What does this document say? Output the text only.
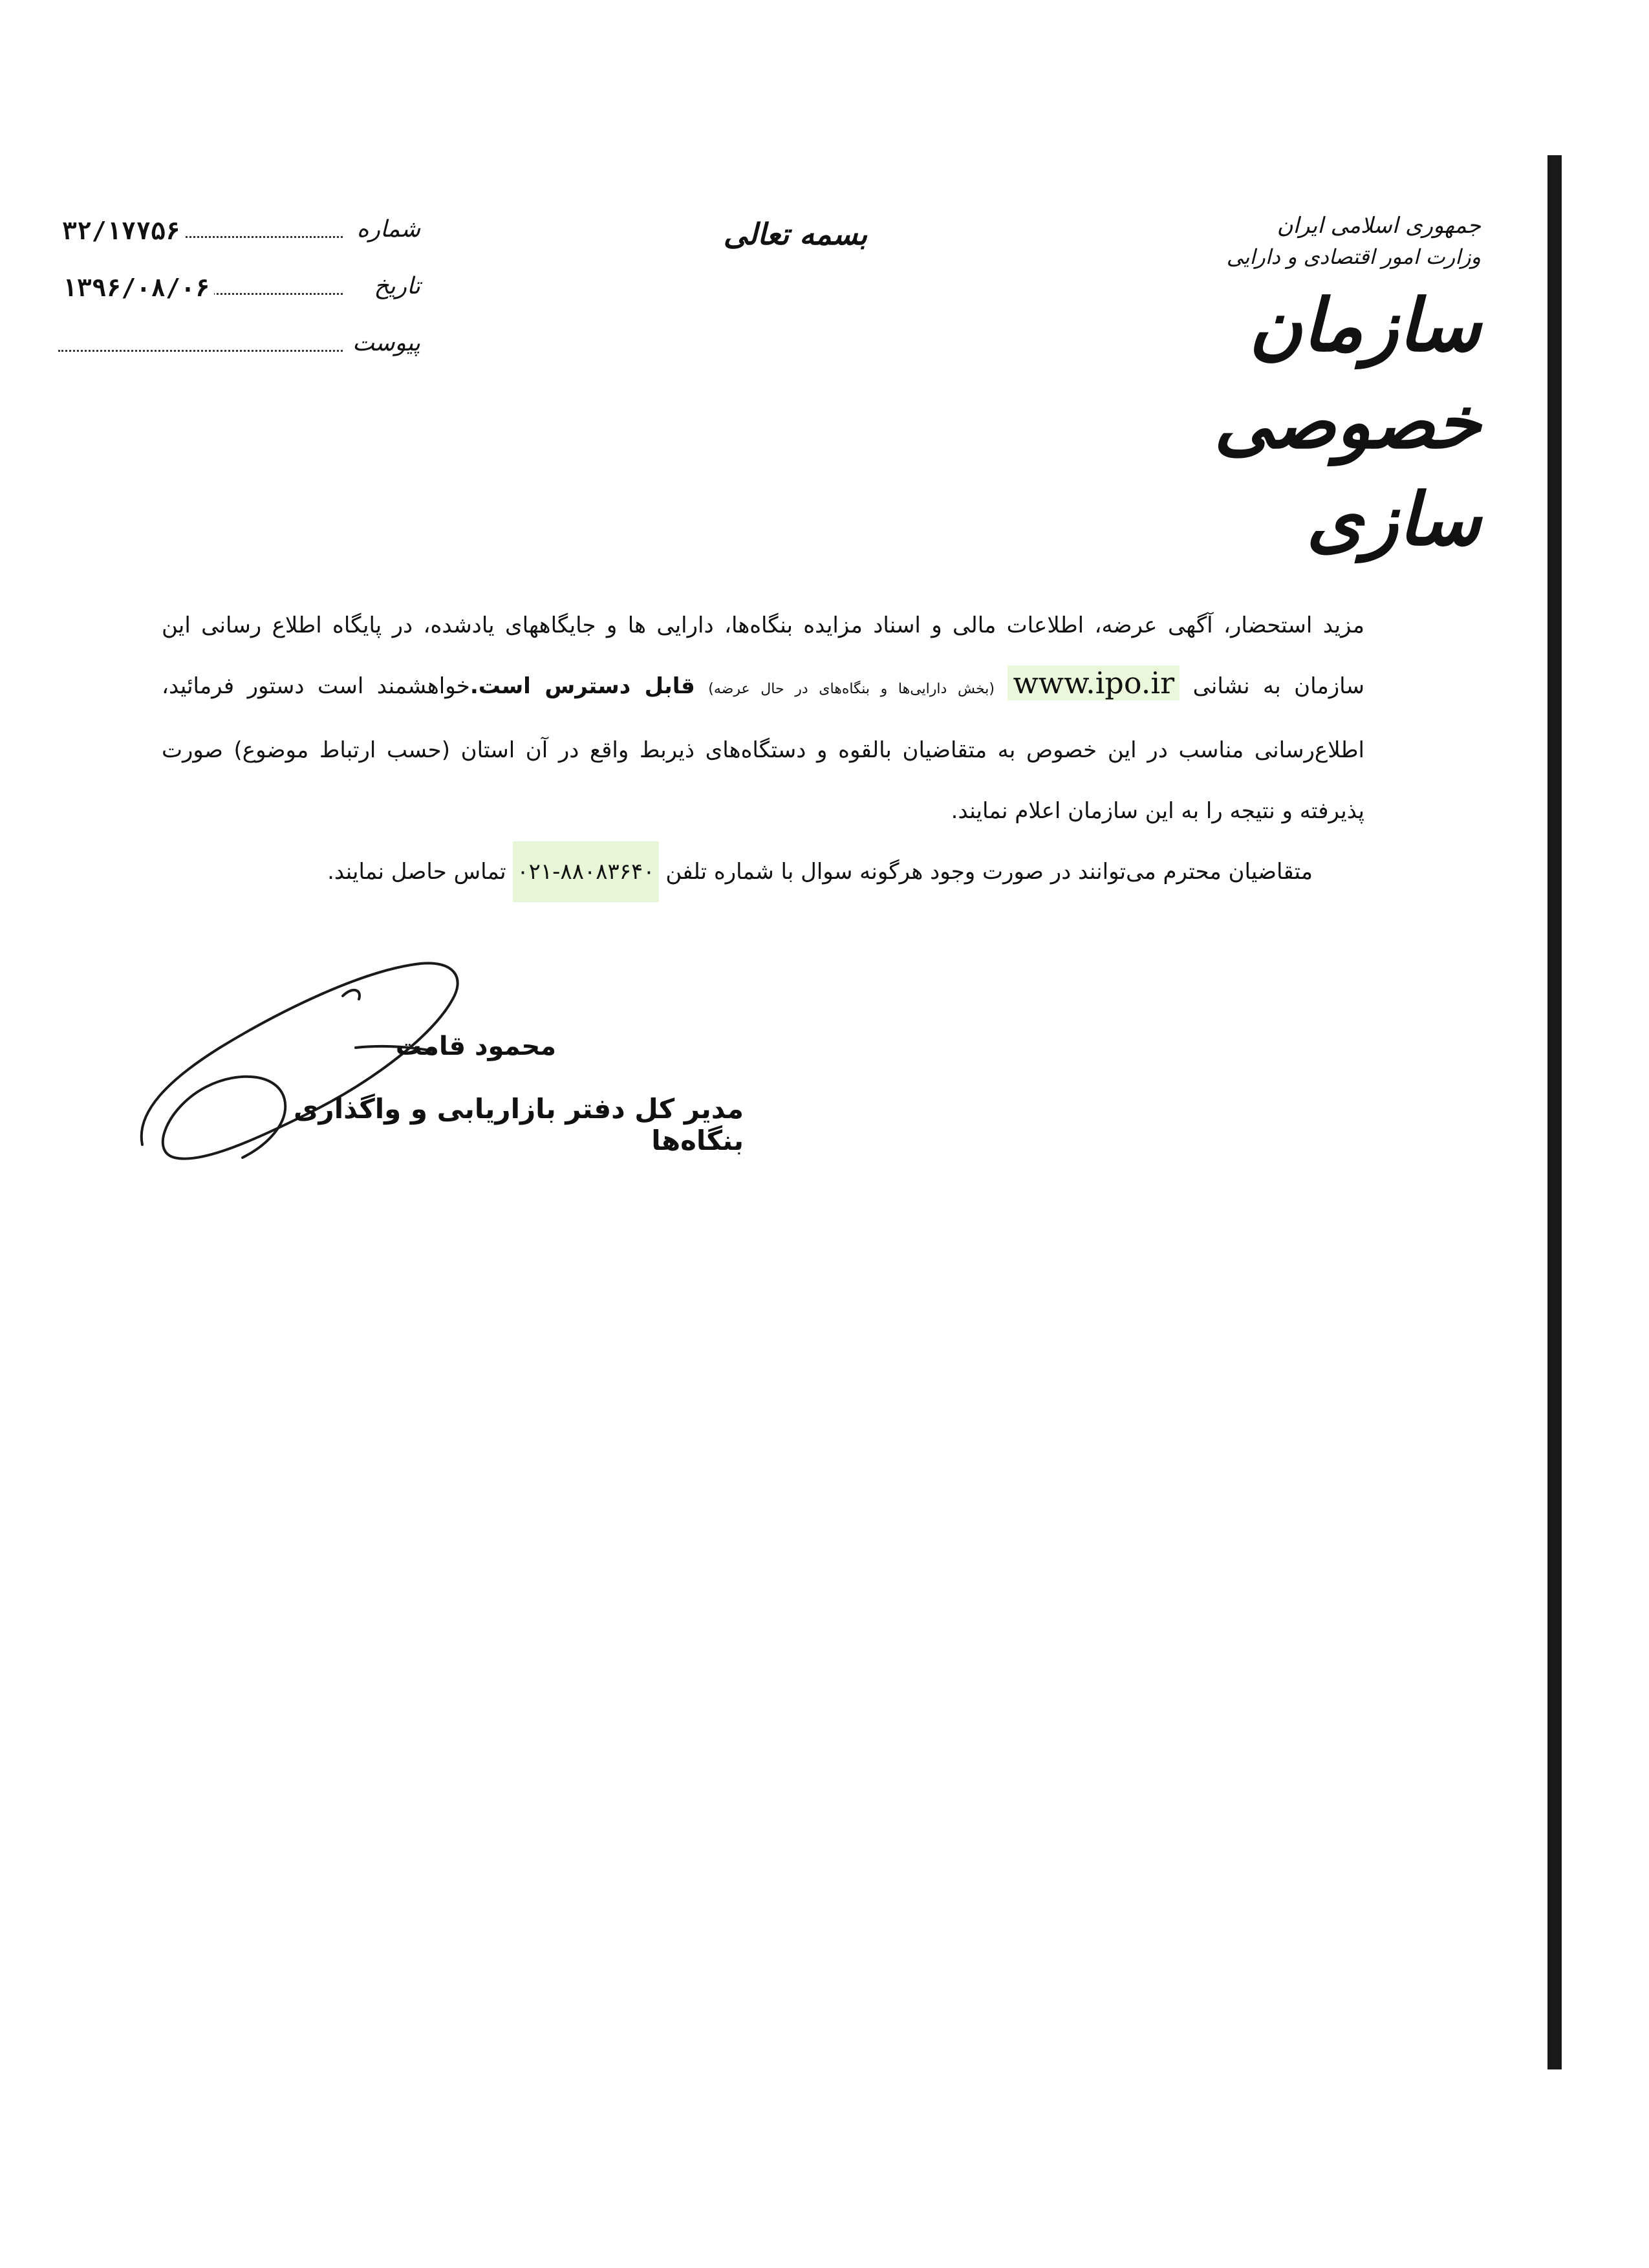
جمهوری اسلامی ایران
وزارت امور اقتصادی و دارایی
سازمان خصوصی سازی
بسمه تعالی
شماره
۳۲/۱۷۷۵۶
تاریخ
۱۳۹۶/۰۸/۰۶
پیوست

مزید استحضار، آگهی عرضه، اطلاعات مالی و اسناد مزایده بنگاه‌ها، دارایی ها و جایگاههای یادشده، در پایگاه اطلاع رسانی این سازمان به نشانی www.ipo.ir (بخش دارایی‌ها و بنگاه‌های در حال عرضه) قابل دسترس است.خواهشمند است دستور فرمائید، اطلاع‌رسانی مناسب در این خصوص به متقاضیان بالقوه و دستگاه‌های ذیربط واقع در آن استان (حسب ارتباط موضوع) صورت پذیرفته و نتیجه را به این سازمان اعلام نمایند.

متقاضیان محترم می‌توانند در صورت وجود هرگونه سوال با شماره تلفن ۰۲۱-۸۸۰۸۳۶۴۰ تماس حاصل نمایند.

محمود قامت
مدیر کل دفتر بازاریابی و واگذاری بنگاه‌ها
